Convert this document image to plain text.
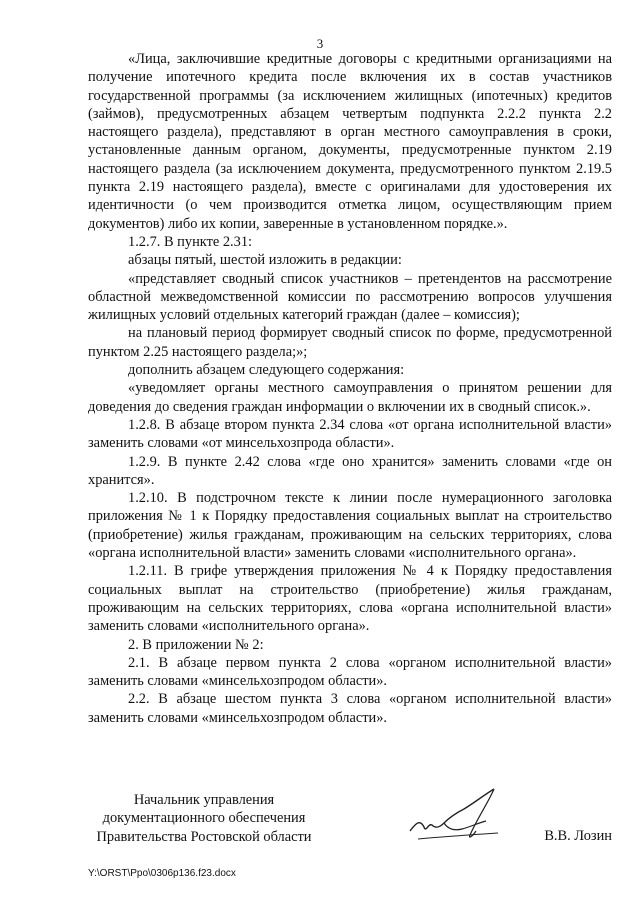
3

«Лица, заключившие кредитные договоры с кредитными организациями на получение ипотечного кредита после включения их в состав участников государственной программы (за исключением жилищных (ипотечных) кредитов (займов), предусмотренных абзацем четвертым подпункта 2.2.2 пункта 2.2 настоящего раздела), представляют в орган местного самоуправления в сроки, установленные данным органом, документы, предусмотренные пунктом 2.19 настоящего раздела (за исключением документа, предусмотренного пунктом 2.19.5 пункта 2.19 настоящего раздела), вместе с оригиналами для удостоверения их идентичности (о чем производится отметка лицом, осуществляющим прием документов) либо их копии, заверенные в установленном порядке.».

1.2.7. В пункте 2.31:

абзацы пятый, шестой изложить в редакции:

«представляет сводный список участников – претендентов на рассмотрение областной межведомственной комиссии по рассмотрению вопросов улучшения жилищных условий отдельных категорий граждан (далее – комиссия);

на плановый период формирует сводный список по форме, предусмотренной пунктом 2.25 настоящего раздела;»;

дополнить абзацем следующего содержания:

«уведомляет органы местного самоуправления о принятом решении для доведения до сведения граждан информации о включении их в сводный список.».

1.2.8. В абзаце втором пункта 2.34 слова «от органа исполнительной власти» заменить словами «от минсельхозпрода области».

1.2.9. В пункте 2.42 слова «где оно хранится» заменить словами «где он хранится».

1.2.10. В подстрочном тексте к линии после нумерационного заголовка приложения № 1 к Порядку предоставления социальных выплат на строительство (приобретение) жилья гражданам, проживающим на сельских территориях, слова «органа исполнительной власти» заменить словами «исполнительного органа».

1.2.11. В грифе утверждения приложения № 4 к Порядку предоставления социальных выплат на строительство (приобретение) жилья гражданам, проживающим на сельских территориях, слова «органа исполнительной власти» заменить словами «исполнительного органа».

2. В приложении № 2:

2.1. В абзаце первом пункта 2 слова «органом исполнительной власти» заменить словами «минсельхозпродом области».

2.2. В абзаце шестом пункта 3 слова «органом исполнительной власти» заменить словами «минсельхозпродом области».

Начальник управления
документационного обеспечения
Правительства Ростовской области	В.В. Лозин
Y:\ORST\Ppo\0306p136.f23.docx
